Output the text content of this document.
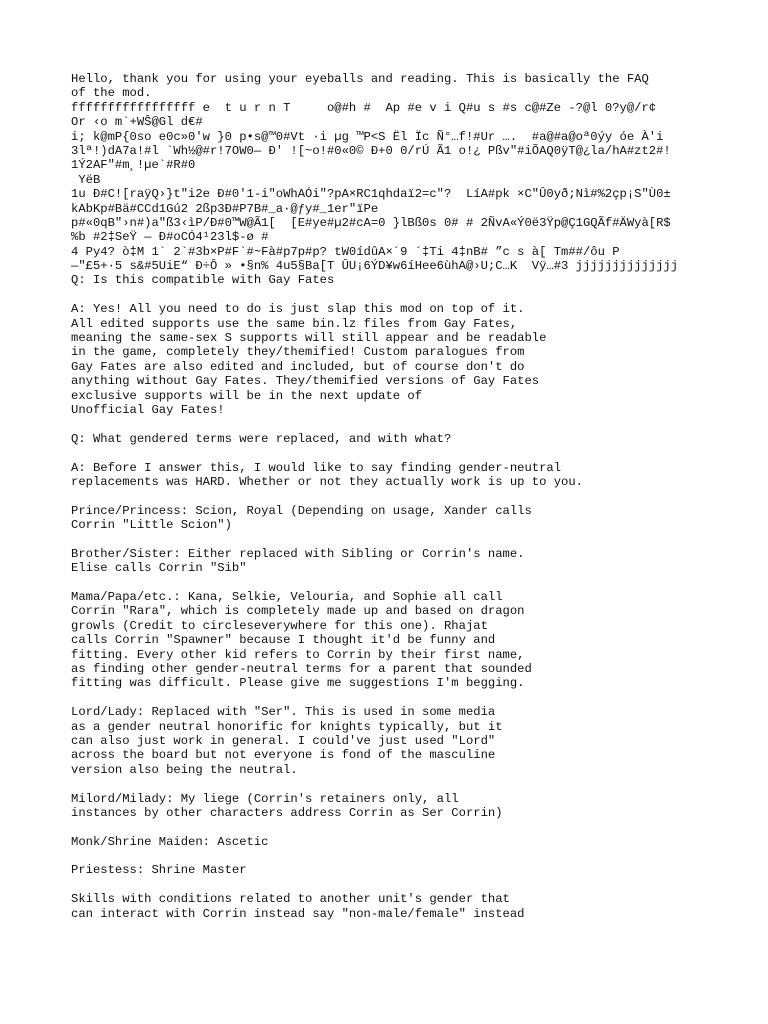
Hello, thank you for using your eyeballs and reading. This is basically the FAQ
of the mod.
fffffffffffffffff e  t u r n T     o@#h #  Ap #e v i Q#u s #s c@#Ze -?@l 0?y@/r¢
Or ‹o m`+WŠ@Gl d€#
i; k@mP{0so e0c»0'w }0 p•s@™0#Vt ·i µg ™P<S Ël Ïc Ñ°…f!#Ur ….  #a@#a@oª0ýy óe À'i
3lª!)dA7a!#l `Wh½@#r!7OW0— Ð' ![~o!#0«0© Ð+0 0/rÚ Ã1 o!¿ Pßv"#iÕAQ0ÿT@¿la/hA#zt2#!
1Ý2AF"#m¸!µe`#R#0
YëB
1u Ð#C![raÿQ›}t"i2e Ð#0'1-i"oWhAÓi"?pA×RC1qhdaï2=c"?  LíA#pk ×C"Û0yð;Nì#%2çp¡S"Ù0±
kAbKp#Bä#CCd1Gú2 2ßp3Ð#P7B#_a·@ƒy#_1er"ïPe
p#«0qB"›n#)a"ß3‹ìP/Ð#0™W@Ã1[  [E#ye#µ2#cA=0 }lBß0s 0# # 2ÑvA«Ý0ë3Ÿp@Ç1GQÃf#ÄWyà[R$
%b #2‡SeŸ — Ð#oCÓ4¹23l$-ø #
4 Py4? ò‡M 1` 2`#3b×P#F`#~Fà#p7p#p? tW0ídûA×´9 ´‡Ti 4‡nB# ”c s à[ Tm##/ôu P
—"£5+·5 s&#5UiE“ Ð÷Ô » •§n% 4u5§Ba[T ÛU¡6ÝD¥w6íHee6ùhA@›U;C…K  Vÿ…#3 jjjjjjjjjjjjjj
Q: Is this compatible with Gay Fates
A: Yes! All you need to do is just slap this mod on top of it.
All edited supports use the same bin.lz files from Gay Fates,
meaning the same-sex S supports will still appear and be readable
in the game, completely they/themified! Custom paralogues from
Gay Fates are also edited and included, but of course don't do
anything without Gay Fates. They/themified versions of Gay Fates
exclusive supports will be in the next update of
Unofficial Gay Fates!
Q: What gendered terms were replaced, and with what?
A: Before I answer this, I would like to say finding gender-neutral
replacements was HARD. Whether or not they actually work is up to you.
Prince/Princess: Scion, Royal (Depending on usage, Xander calls
Corrin "Little Scion")
Brother/Sister: Either replaced with Sibling or Corrin's name.
Elise calls Corrin "Sib"
Mama/Papa/etc.: Kana, Selkie, Velouria, and Sophie all call
Corrin "Rara", which is completely made up and based on dragon
growls (Credit to circleseverywhere for this one). Rhajat
calls Corrin "Spawner" because I thought it'd be funny and
fitting. Every other kid refers to Corrin by their first name,
as finding other gender-neutral terms for a parent that sounded
fitting was difficult. Please give me suggestions I'm begging.
Lord/Lady: Replaced with "Ser". This is used in some media
as a gender neutral honorific for knights typically, but it
can also just work in general. I could've just used "Lord"
across the board but not everyone is fond of the masculine
version also being the neutral.
Milord/Milady: My liege (Corrin's retainers only, all
instances by other characters address Corrin as Ser Corrin)
Monk/Shrine Maiden: Ascetic
Priestess: Shrine Master
Skills with conditions related to another unit's gender that
can interact with Corrin instead say "non-male/female" instead
